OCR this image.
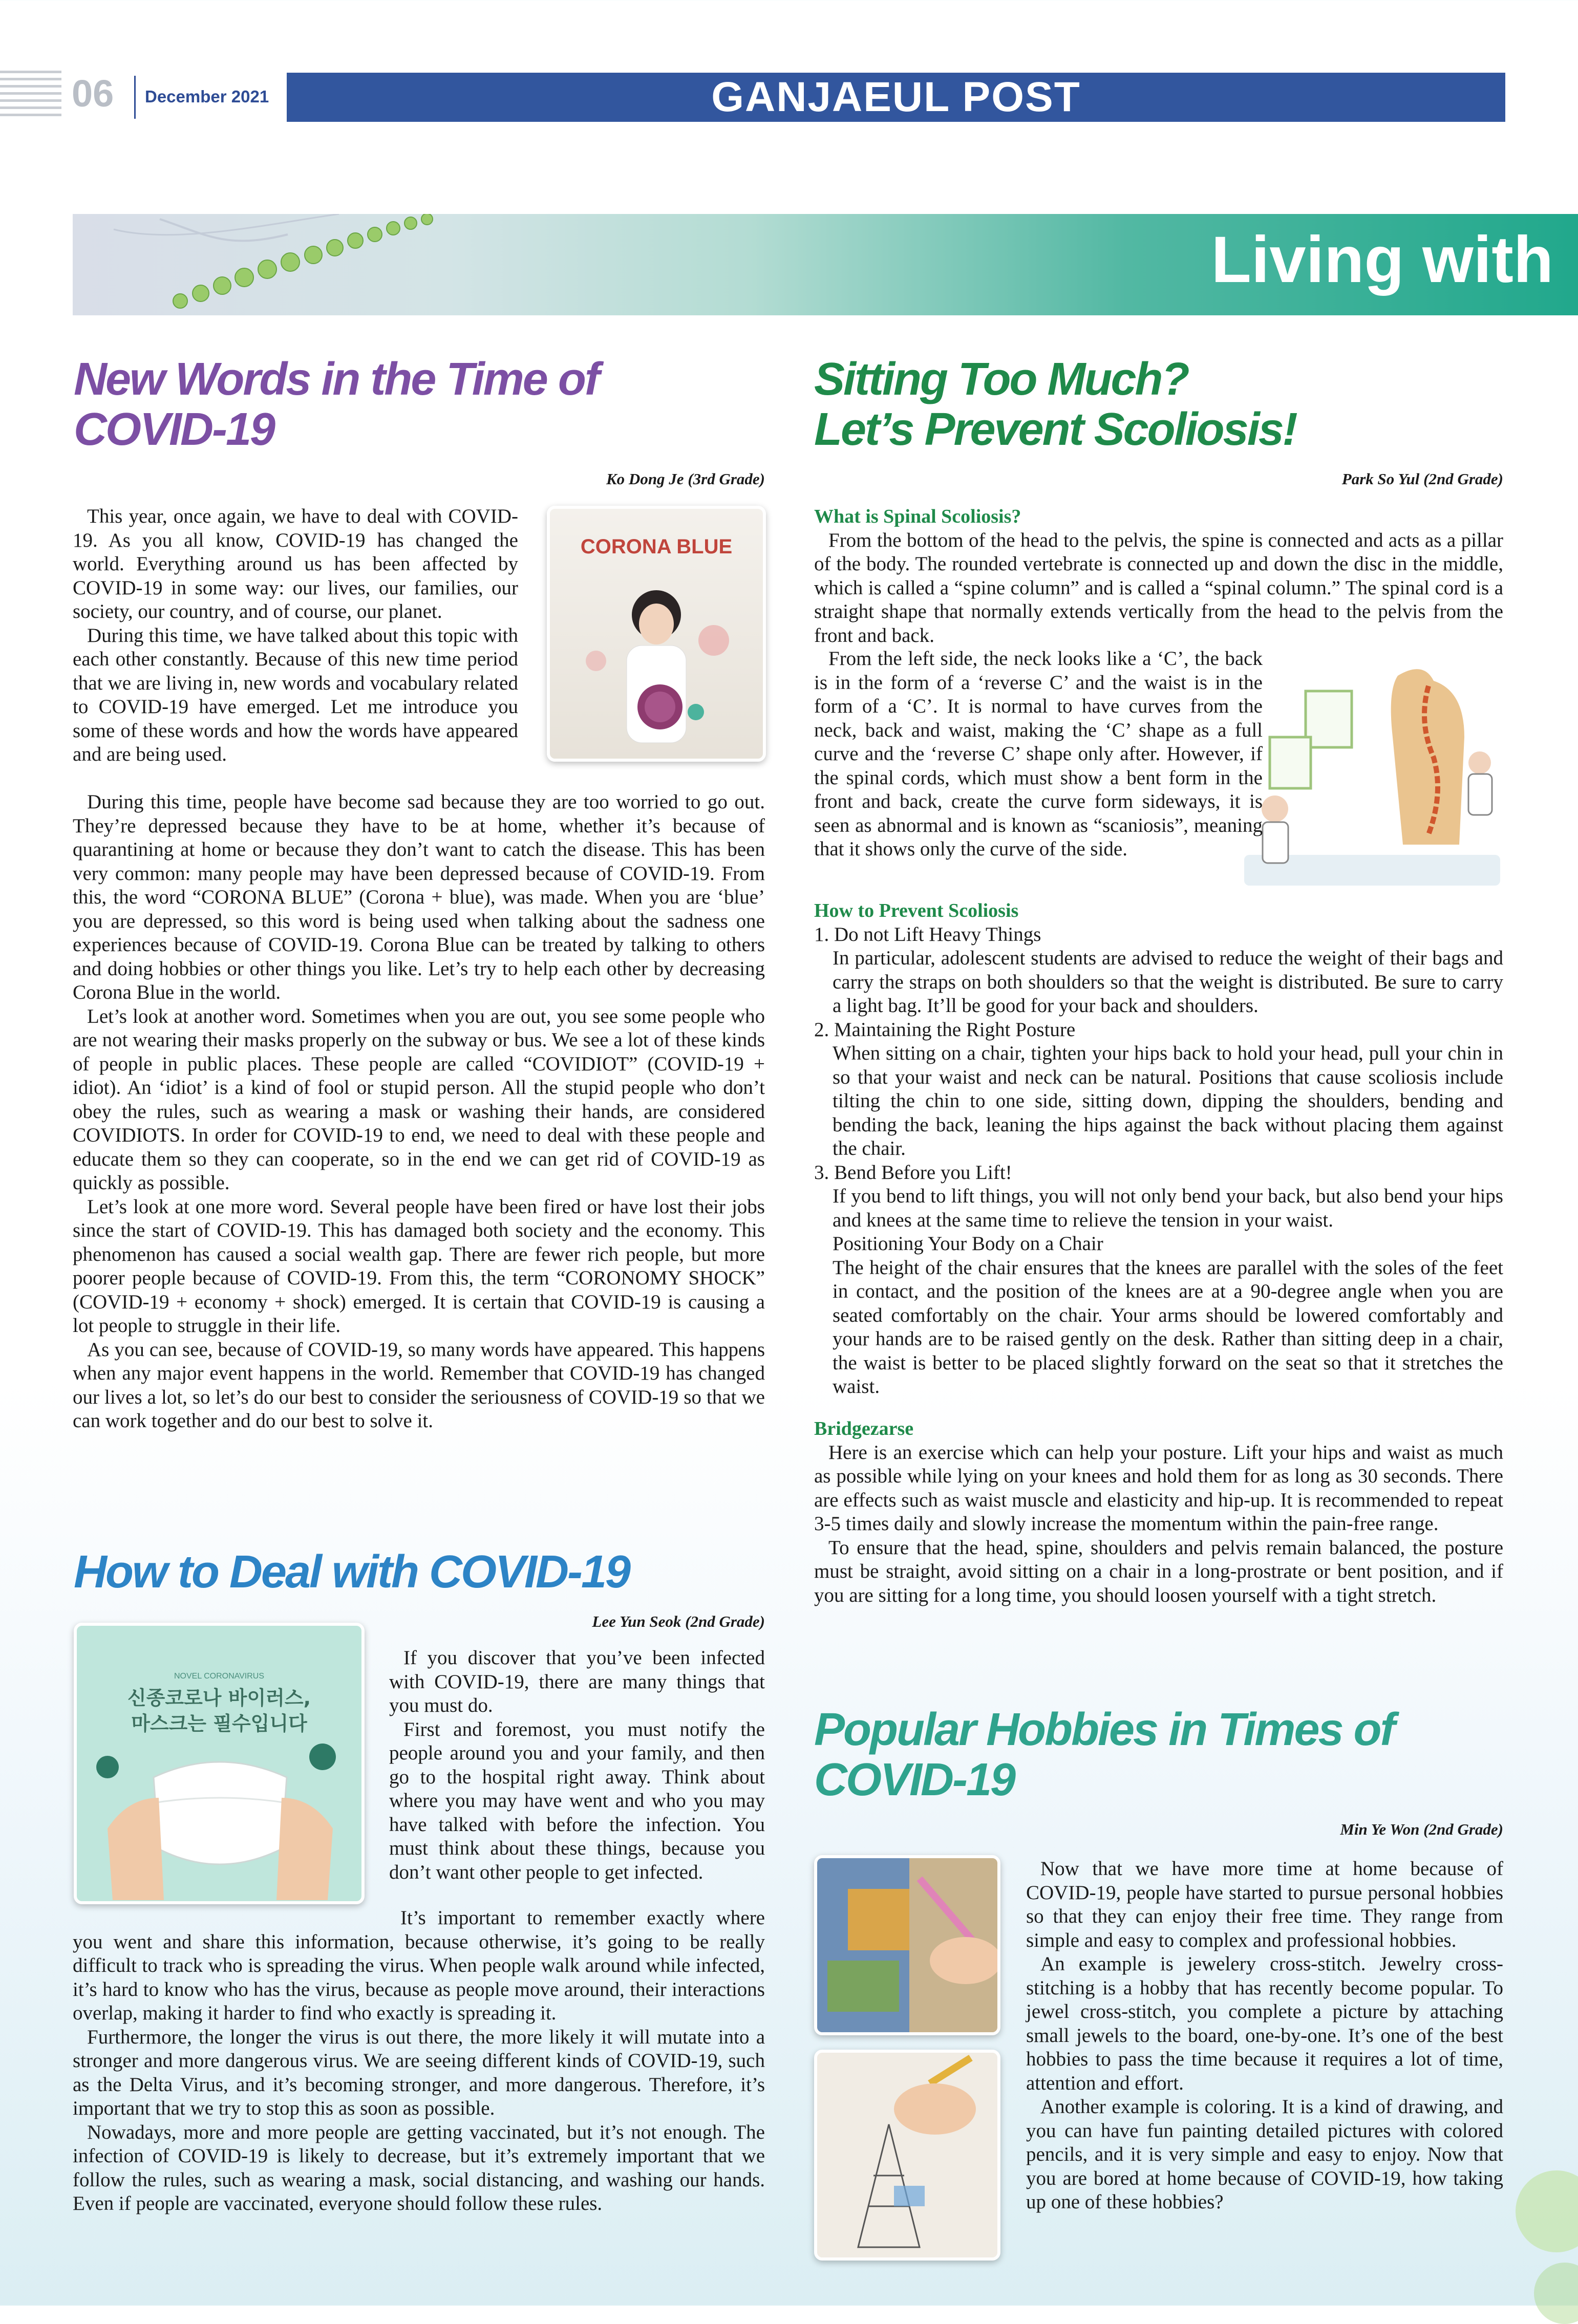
06 December 2021	GANJAEUL POST
Living with
New Words in the Time of
COVID-19
Ko Dong Je (3rd Grade)
CORONA BLUE

This year, once again, we have to deal with COVID-19. As you all know, COVID-19 has changed the world. Everything around us has been affected by COVID-19 in some way: our lives, our families, our society, our country, and of course, our planet.

During this time, we have talked about this topic with each other constantly. Because of this new time period that we are living in, new words and vocabulary related to COVID-19 have emerged. Let me introduce you some of these words and how the words have appeared and are being used.

During this time, people have become sad because they are too worried to go out. They’re depressed because they have to be at home, whether it’s because of quarantining at home or because they don’t want to catch the disease. This has been very common: many people may have been depressed because of COVID-19. From this, the word “CORONA BLUE” (Corona + blue), was made. When you are ‘blue’ you are depressed, so this word is being used when talking about the sadness one experiences because of COVID-19. Corona Blue can be treated by talking to others and doing hobbies or other things you like. Let’s try to help each other by decreasing Corona Blue in the world.

Let’s look at another word. Sometimes when you are out, you see some people who are not wearing their masks properly on the subway or bus. We see a lot of these kinds of people in public places. These people are called “COVIDIOT” (COVID-19 + idiot). An ‘idiot’ is a kind of fool or stupid person. All the stupid people who don’t obey the rules, such as wearing a mask or washing their hands, are considered COVIDIOTS. In order for COVID-19 to end, we need to deal with these people and educate them so they can cooperate, so in the end we can get rid of COVID-19 as quickly as possible.

Let’s look at one more word. Several people have been fired or have lost their jobs since the start of COVID-19. This has damaged both society and the economy. This phenomenon has caused a social wealth gap. There are fewer rich people, but more poorer people because of COVID-19. From this, the term “CORONOMY SHOCK” (COVID-19 + economy + shock) emerged. It is certain that COVID-19 is causing a lot people to struggle in their life.

As you can see, because of COVID-19, so many words have appeared. This happens when any major event happens in the world. Remember that COVID-19 has changed our lives a lot, so let’s do our best to consider the seriousness of COVID-19 so that we can work together and do our best to solve it.

How to Deal with COVID-19
Lee Yun Seok (2nd Grade)
NOVEL CORONAVIRUS
신종코로나 바이러스,
마스크는 필수입니다

If you discover that you’ve been infected with COVID-19, there are many things that you must do.

First and foremost, you must notify the people around you and your family, and then go to the hospital right away. Think about where you may have went and who you may have talked with before the infection. You must think about these things, because you don’t want other people to get infected.

It’s important to remember exactly where you went and share this information, because otherwise, it’s going to be really difficult to track who is spreading the virus. When people walk around while infected, it’s hard to know who has the virus, because as people move around, their interactions overlap, making it harder to find who exactly is spreading it.

Furthermore, the longer the virus is out there, the more likely it will mutate into a stronger and more dangerous virus. We are seeing different kinds of COVID-19, such as the Delta Virus, and it’s becoming stronger, and more dangerous. Therefore, it’s important that we try to stop this as soon as possible.

Nowadays, more and more people are getting vaccinated, but it’s not enough. The infection of COVID-19 is likely to decrease, but it’s extremely important that we follow the rules, such as wearing a mask, social distancing, and washing our hands. Even if people are vaccinated, everyone should follow these rules.

Sitting Too Much?
Let’s Prevent Scoliosis!
Park So Yul (2nd Grade)

What is Spinal Scoliosis?

From the bottom of the head to the pelvis, the spine is connected and acts as a pillar of the body. The rounded vertebrate is connected up and down the disc in the middle, which is called a “spine column” and is called a “spinal column.” The spinal cord is a straight shape that normally extends vertically from the head to the pelvis from the front and back.

From the left side, the neck looks like a ‘C’, the back is in the form of a ‘reverse C’ and the waist is in the form of a ‘C’. It is normal to have curves from the neck, back and waist, making the ‘C’ shape as a full curve and the ‘reverse C’ shape only after. However, if the spinal cords, which must show a bent form in the front and back, create the curve form sideways, it is seen as abnormal and is known as “scaniosis”, meaning that it shows only the curve of the side.

How to Prevent Scoliosis

1. Do not Lift Heavy Things

In particular, adolescent students are advised to reduce the weight of their bags and carry the straps on both shoulders so that the weight is distributed. Be sure to carry a light bag. It’ll be good for your back and shoulders.

2. Maintaining the Right Posture

When sitting on a chair, tighten your hips back to hold your head, pull your chin in so that your waist and neck can be natural. Positions that cause scoliosis include tilting the chin to one side, sitting down, dipping the shoulders, bending and bending the back, leaning the hips against the back without placing them against the chair.

3. Bend Before you Lift!

If you bend to lift things, you will not only bend your back, but also bend your hips and knees at the same time to relieve the tension in your waist.

Positioning Your Body on a Chair

The height of the chair ensures that the knees are parallel with the soles of the feet in contact, and the position of the knees are at a 90-degree angle when you are seated comfortably on the chair. Your arms should be lowered comfortably and your hands are to be raised gently on the desk. Rather than sitting deep in a chair, the waist is better to be placed slightly forward on the seat so that it stretches the waist.

Bridgezarse

Here is an exercise which can help your posture. Lift your hips and waist as much as possible while lying on your knees and hold them for as long as 30 seconds. There are effects such as waist muscle and elasticity and hip-up. It is recommended to repeat 3-5 times daily and slowly increase the momentum within the pain-free range.

To ensure that the head, spine, shoulders and pelvis remain balanced, the posture must be straight, avoid sitting on a chair in a long-prostrate or bent position, and if you are sitting for a long time, you should loosen yourself with a tight stretch.

Popular Hobbies in Times of
COVID-19
Min Ye Won (2nd Grade)

Now that we have more time at home because of COVID-19, people have started to pursue personal hobbies so that they can enjoy their free time. They range from simple and easy to complex and professional hobbies.

An example is jewelery cross-stitch. Jewelry cross-stitching is a hobby that has recently become popular. To jewel cross-stitch, you complete a picture by attaching small jewels to the board, one-by-one. It’s one of the best hobbies to pass the time because it requires a lot of time, attention and effort.

Another example is coloring. It is a kind of drawing, and you can have fun painting detailed pictures with colored pencils, and it is very simple and easy to enjoy. Now that you are bored at home because of COVID-19, how taking up one of these hobbies?
